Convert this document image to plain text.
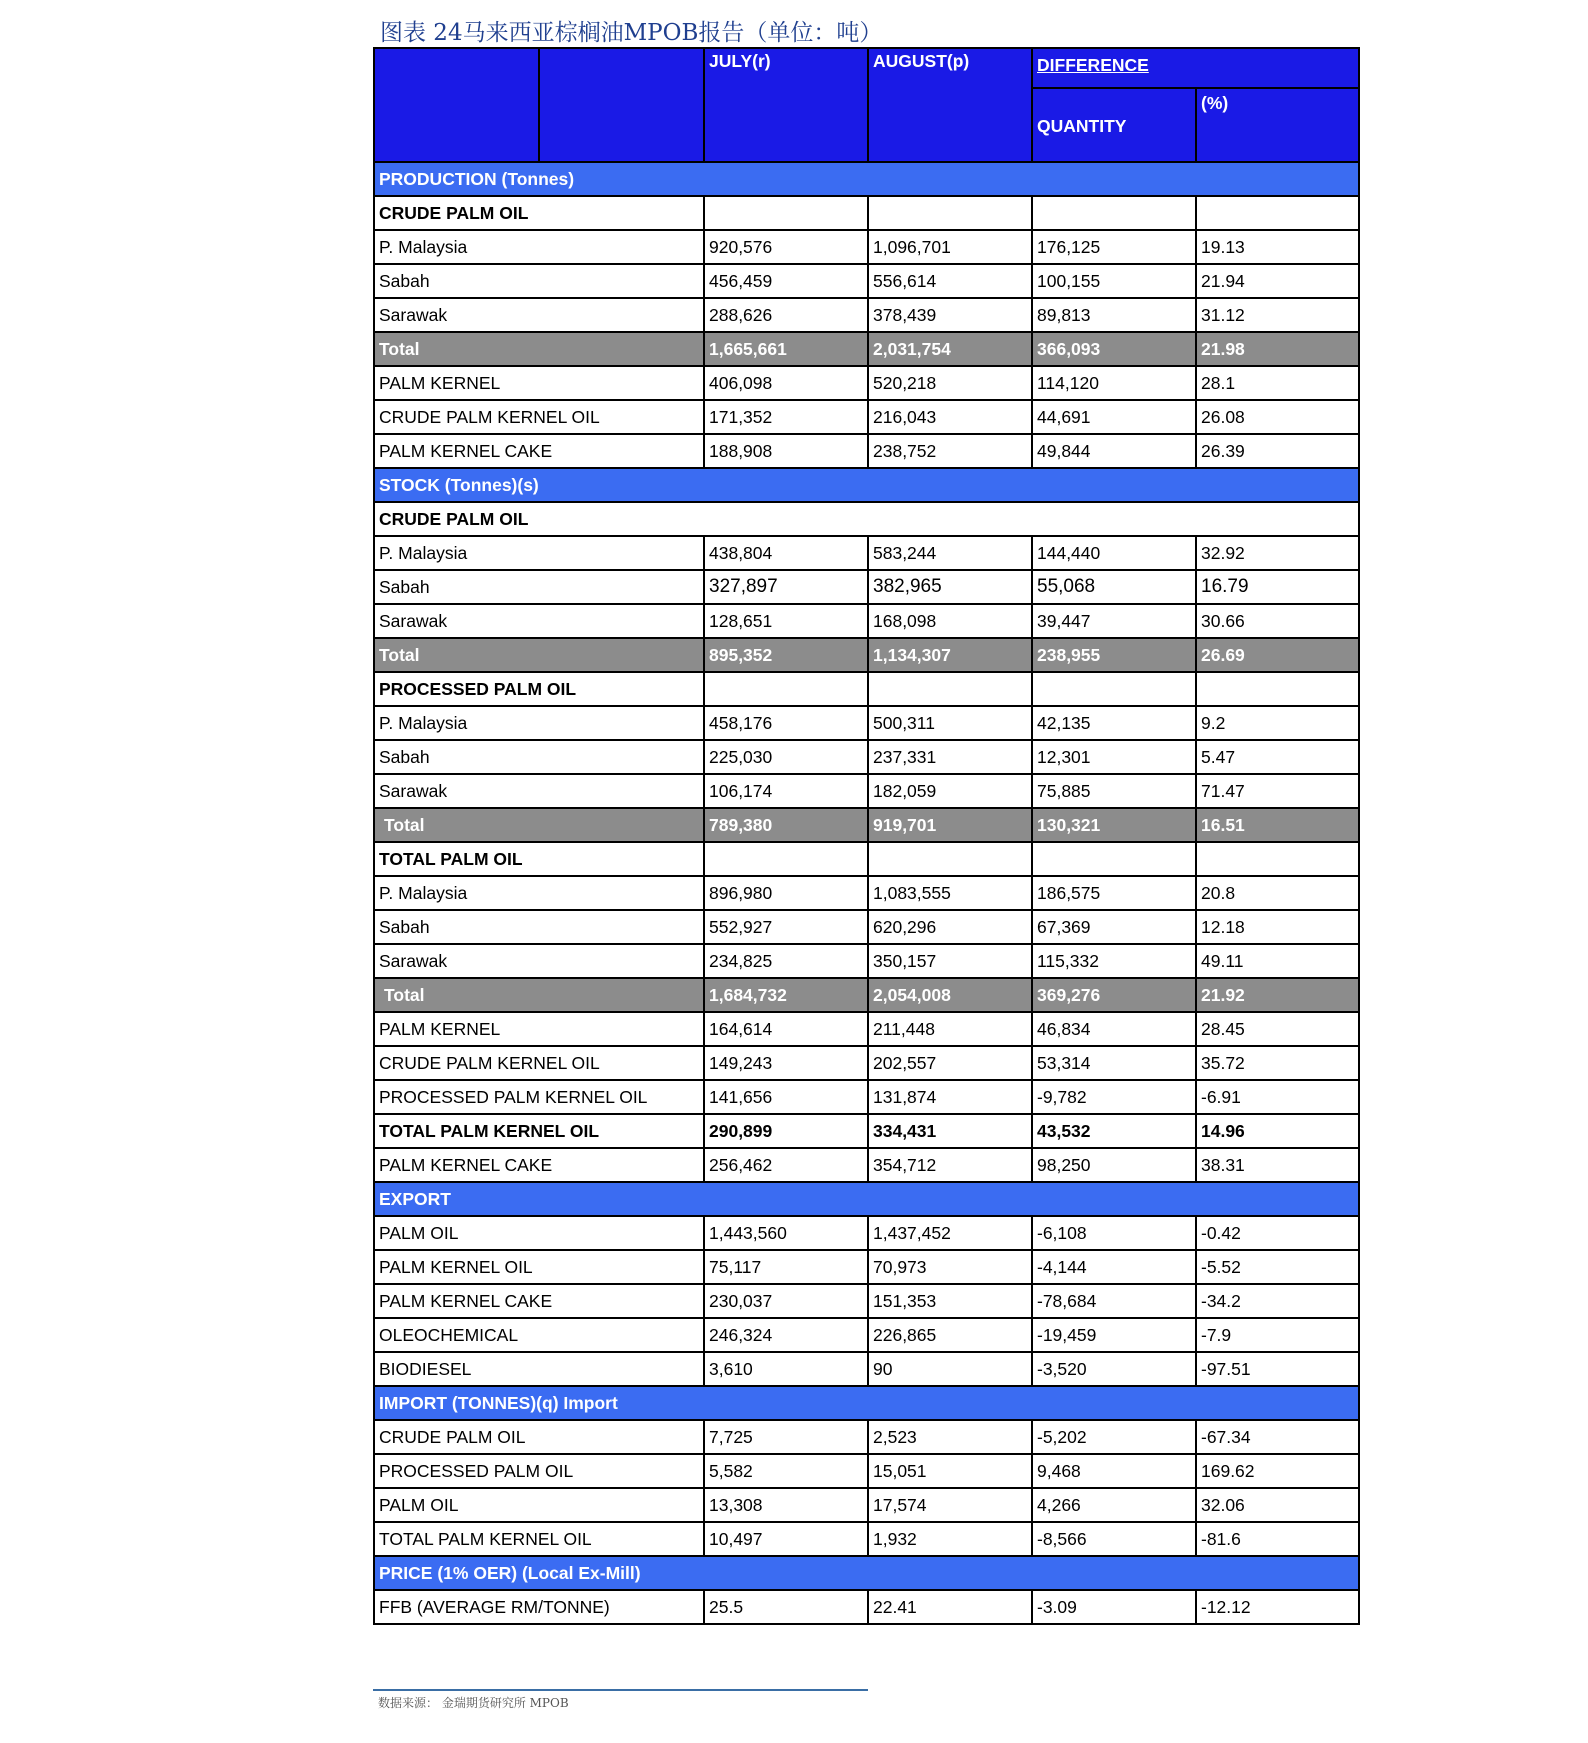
图表 24马来西亚棕榈油MPOB报告（单位：吨）
		JULY(r)	AUGUST(p)	DIFFERENCE	
				QUANTITY	(%)
PRODUCTION (Tonnes)					
CRUDE PALM OIL					
P. Malaysia		920,576	1,096,701	176,125	19.13
Sabah		456,459	556,614	100,155	21.94
Sarawak		288,626	378,439	89,813	31.12
Total		1,665,661	2,031,754	366,093	21.98
PALM KERNEL		406,098	520,218	114,120	28.1
CRUDE PALM KERNEL OIL		171,352	216,043	44,691	26.08
PALM KERNEL CAKE		188,908	238,752	49,844	26.39
STOCK (Tonnes)(s)					
CRUDE PALM OIL					
P. Malaysia		438,804	583,244	144,440	32.92
Sabah		327,897	382,965	55,068	16.79
Sarawak		128,651	168,098	39,447	30.66
Total		895,352	1,134,307	238,955	26.69
PROCESSED PALM OIL					
P. Malaysia		458,176	500,311	42,135	9.2
Sabah		225,030	237,331	12,301	5.47
Sarawak		106,174	182,059	75,885	71.47
Total		789,380	919,701	130,321	16.51
TOTAL PALM OIL					
P. Malaysia		896,980	1,083,555	186,575	20.8
Sabah		552,927	620,296	67,369	12.18
Sarawak		234,825	350,157	115,332	49.11
Total		1,684,732	2,054,008	369,276	21.92
PALM KERNEL		164,614	211,448	46,834	28.45
CRUDE PALM KERNEL OIL		149,243	202,557	53,314	35.72
PROCESSED PALM KERNEL OIL		141,656	131,874	-9,782	-6.91
TOTAL PALM KERNEL OIL		290,899	334,431	43,532	14.96
PALM KERNEL CAKE		256,462	354,712	98,250	38.31
EXPORT					
PALM OIL		1,443,560	1,437,452	-6,108	-0.42
PALM KERNEL OIL		75,117	70,973	-4,144	-5.52
PALM KERNEL CAKE		230,037	151,353	-78,684	-34.2
OLEOCHEMICAL		246,324	226,865	-19,459	-7.9
BIODIESEL		3,610	90	-3,520	-97.51
IMPORT (TONNES)(q) Import					
CRUDE PALM OIL		7,725	2,523	-5,202	-67.34
PROCESSED PALM OIL		5,582	15,051	9,468	169.62
PALM OIL		13,308	17,574	4,266	32.06
TOTAL PALM KERNEL OIL		10,497	1,932	-8,566	-81.6
PRICE (1% OER) (Local Ex-Mill)					
FFB (AVERAGE RM/TONNE)		25.5	22.41	-3.09	-12.12
数据来源： 金瑞期货研究所 MPOB
